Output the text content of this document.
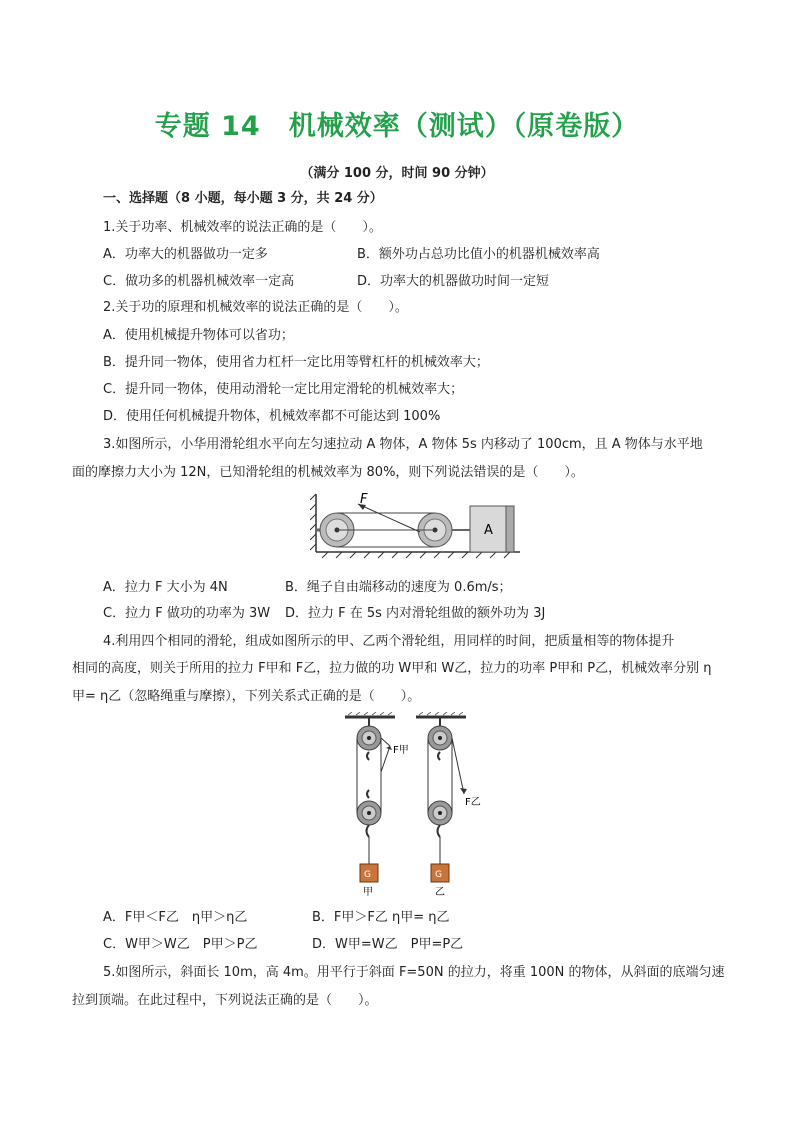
专题 14　机械效率（测试）（原卷版）
（满分 100 分，时间 90 分钟）
一、选择题（8 小题，每小题 3 分，共 24 分）
1.关于功率、机械效率的说法正确的是（　　）。
A．功率大的机器做功一定多	B．额外功占总功比值小的机器机械效率高
C．做功多的机器机械效率一定高	D．功率大的机器做功时间一定短
2.关于功的原理和机械效率的说法正确的是（　　）。
A．使用机械提升物体可以省功；
B．提升同一物体，使用省力杠杆一定比用等臂杠杆的机械效率大；
C．提升同一物体，使用动滑轮一定比用定滑轮的机械效率大；
D．使用任何机械提升物体，机械效率都不可能达到 100%
3.如图所示，小华用滑轮组水平向左匀速拉动 A 物体，A 物体 5s 内移动了 100cm，且 A 物体与水平地
面的摩擦力大小为 12N，已知滑轮组的机械效率为 80%，则下列说法错误的是（　　）。
F
A
A．拉力 F 大小为 4N	B．绳子自由端移动的速度为 0.6m/s；
C．拉力 F 做功的功率为 3W D．拉力 F 在 5s 内对滑轮组做的额外功为 3J
4.利用四个相同的滑轮，组成如图所示的甲、乙两个滑轮组，用同样的时间，把质量相等的物体提升
相同的高度，则关于所用的拉力 F甲和 F乙，拉力做的功 W甲和 W乙，拉力的功率 P甲和 P乙，机械效率分别 η
甲= η乙（忽略绳重与摩擦），下列关系式正确的是（　　）。
F甲
G
甲
F乙
G
乙
A．F甲＜F乙　η甲＞η乙	B．F甲＞F乙 η甲= η乙
C．W甲＞W乙　P甲＞P乙	D．W甲=W乙　P甲=P乙
5.如图所示，斜面长 10m，高 4m。用平行于斜面 F=50N 的拉力，将重 100N 的物体，从斜面的底端匀速
拉到顶端。在此过程中，下列说法正确的是（　　）。
